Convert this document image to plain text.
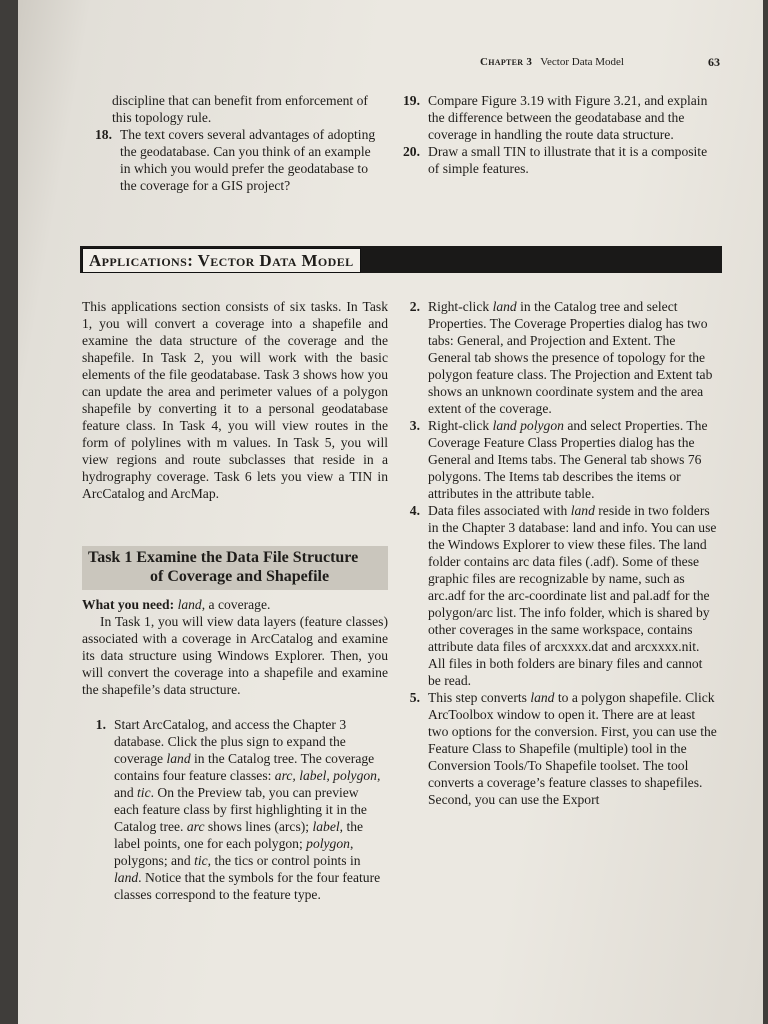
Chapter 3 Vector Data Model	63

discipline that can benefit from enforcement of this topology rule.

18. The text covers several advantages of adopting the geodatabase. Can you think of an example in which you would prefer the geodatabase to the coverage for a GIS project?
19. Compare Figure 3.19 with Figure 3.21, and explain the difference between the geodatabase and the coverage in handling the route data structure.
20. Draw a small TIN to illustrate that it is a composite of simple features.
Applications: Vector Data Model
This applications section consists of six tasks. In Task 1, you will convert a coverage into a shapefile and examine the data structure of the coverage and the shapefile. In Task 2, you will work with the basic elements of the file geodatabase. Task 3 shows how you can update the area and perimeter values of a polygon shapefile by converting it to a personal geodatabase feature class. In Task 4, you will view routes in the form of polylines with m values. In Task 5, you will view regions and route subclasses that reside in a hydrography coverage. Task 6 lets you view a TIN in ArcCatalog and ArcMap.
Task 1 Examine the Data File Structure
of Coverage and Shapefile

What you need: land, a coverage.

In Task 1, you will view data layers (feature classes) associated with a coverage in ArcCatalog and examine its data structure using Windows Explorer. Then, you will convert the coverage into a shapefile and examine the shapefile’s data structure.

1. Start ArcCatalog, and access the Chapter 3 database. Click the plus sign to expand the coverage land in the Catalog tree. The coverage contains four feature classes: arc, label, polygon, and tic. On the Preview tab, you can preview each feature class by first highlighting it in the Catalog tree. arc shows lines (arcs); label, the label points, one for each polygon; polygon, polygons; and tic, the tics or control points in land. Notice that the symbols for the four feature classes correspond to the feature type.
2. Right-click land in the Catalog tree and select Properties. The Coverage Properties dialog has two tabs: General, and Projection and Extent. The General tab shows the presence of topology for the polygon feature class. The Projection and Extent tab shows an unknown coordinate system and the area extent of the coverage.
3. Right-click land polygon and select Properties. The Coverage Feature Class Properties dialog has the General and Items tabs. The General tab shows 76 polygons. The Items tab describes the items or attributes in the attribute table.
4. Data files associated with land reside in two folders in the Chapter 3 database: land and info. You can use the Windows Explorer to view these files. The land folder contains arc data files (.adf). Some of these graphic files are recognizable by name, such as arc.adf for the arc-coordinate list and pal.adf for the polygon/arc list. The info folder, which is shared by other coverages in the same workspace, contains attribute data files of arcxxxx.dat and arcxxxx.nit. All files in both folders are binary files and cannot be read.
5. This step converts land to a polygon shapefile. Click ArcToolbox window to open it. There are at least two options for the conversion. First, you can use the Feature Class to Shapefile (multiple) tool in the Conversion Tools/To Shapefile toolset. The tool converts a coverage’s feature classes to shapefiles. Second, you can use the Export
